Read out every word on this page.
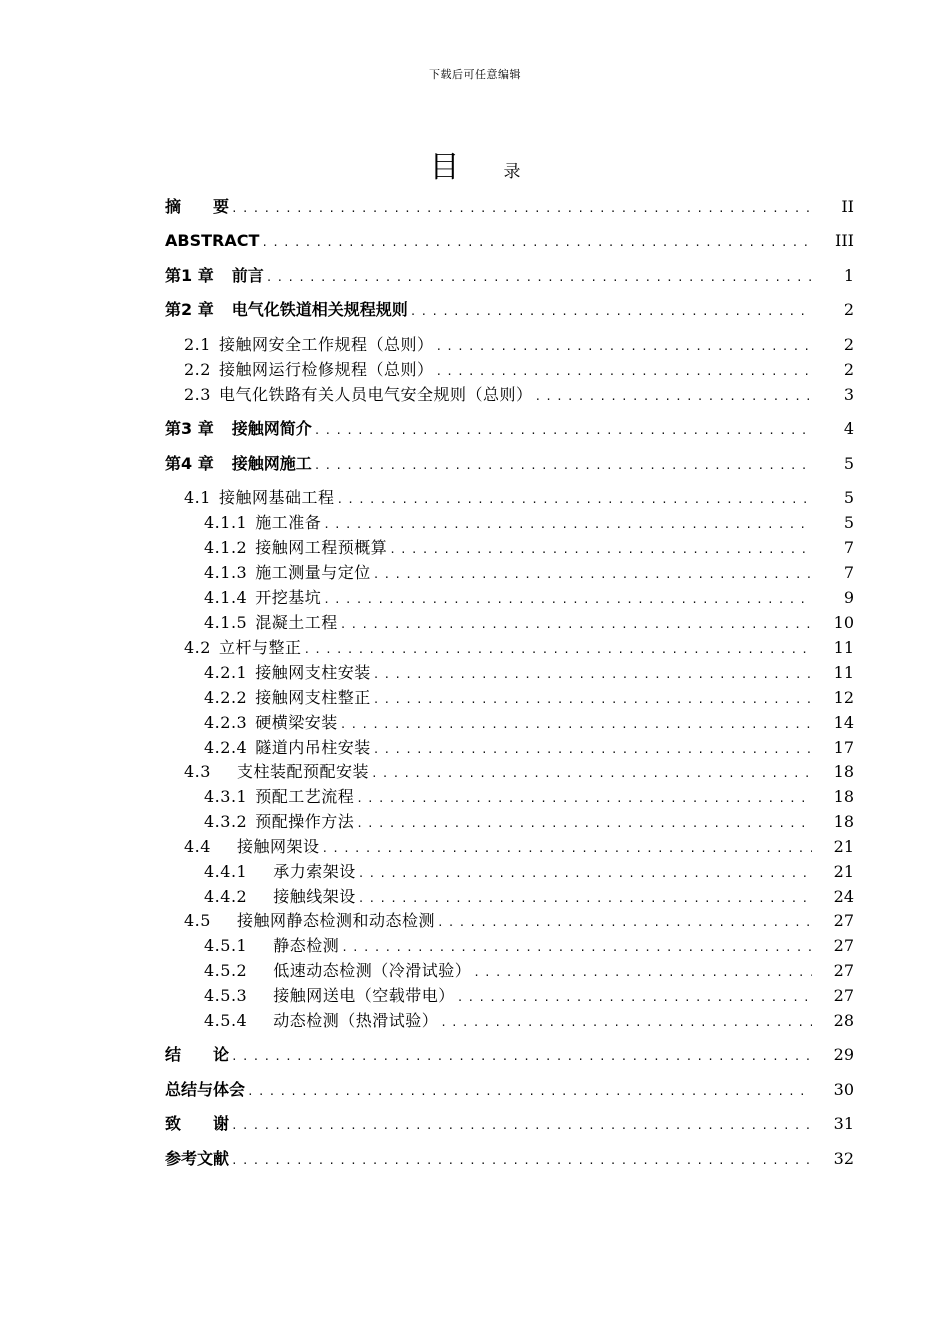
下载后可任意编辑
目	录
摘　　要 .....	II
ABSTRACT .....	III
第1 章 前言 .....	1
第2 章 电气化铁道相关规程规则 .....	2
2.1 接触网安全工作规程（总则） .....	2
2.2 接触网运行检修规程（总则） .....	2
2.3 电气化铁路有关人员电气安全规则（总则） .....	3
第3 章 接触网简介 .....	4
第4 章 接触网施工 .....	5
4.1 接触网基础工程 .....	5
4.1.1 施工准备 .....	5
4.1.2 接触网工程预概算 .....	7
4.1.3 施工测量与定位 .....	7
4.1.4 开挖基坑 .....	9
4.1.5 混凝土工程 .....	10
4.2 立杆与整正 .....	11
4.2.1 接触网支柱安装 .....	11
4.2.2 接触网支柱整正 .....	12
4.2.3 硬横梁安装 .....	14
4.2.4 隧道内吊柱安装 .....	17
4.3 支柱装配预配安装 .....	18
4.3.1 预配工艺流程 .....	18
4.3.2 预配操作方法 .....	18
4.4 接触网架设 .....	21
4.4.1 承力索架设 .....	21
4.4.2 接触线架设 .....	24
4.5 接触网静态检测和动态检测 .....	27
4.5.1 静态检测 .....	27
4.5.2 低速动态检测（冷滑试验） .....	27
4.5.3 接触网送电（空载带电） .....	27
4.5.4 动态检测（热滑试验） .....	28
结　　论 .....	29
总结与体会 .....	30
致　　谢 .....	31
参考文献 .....	32
